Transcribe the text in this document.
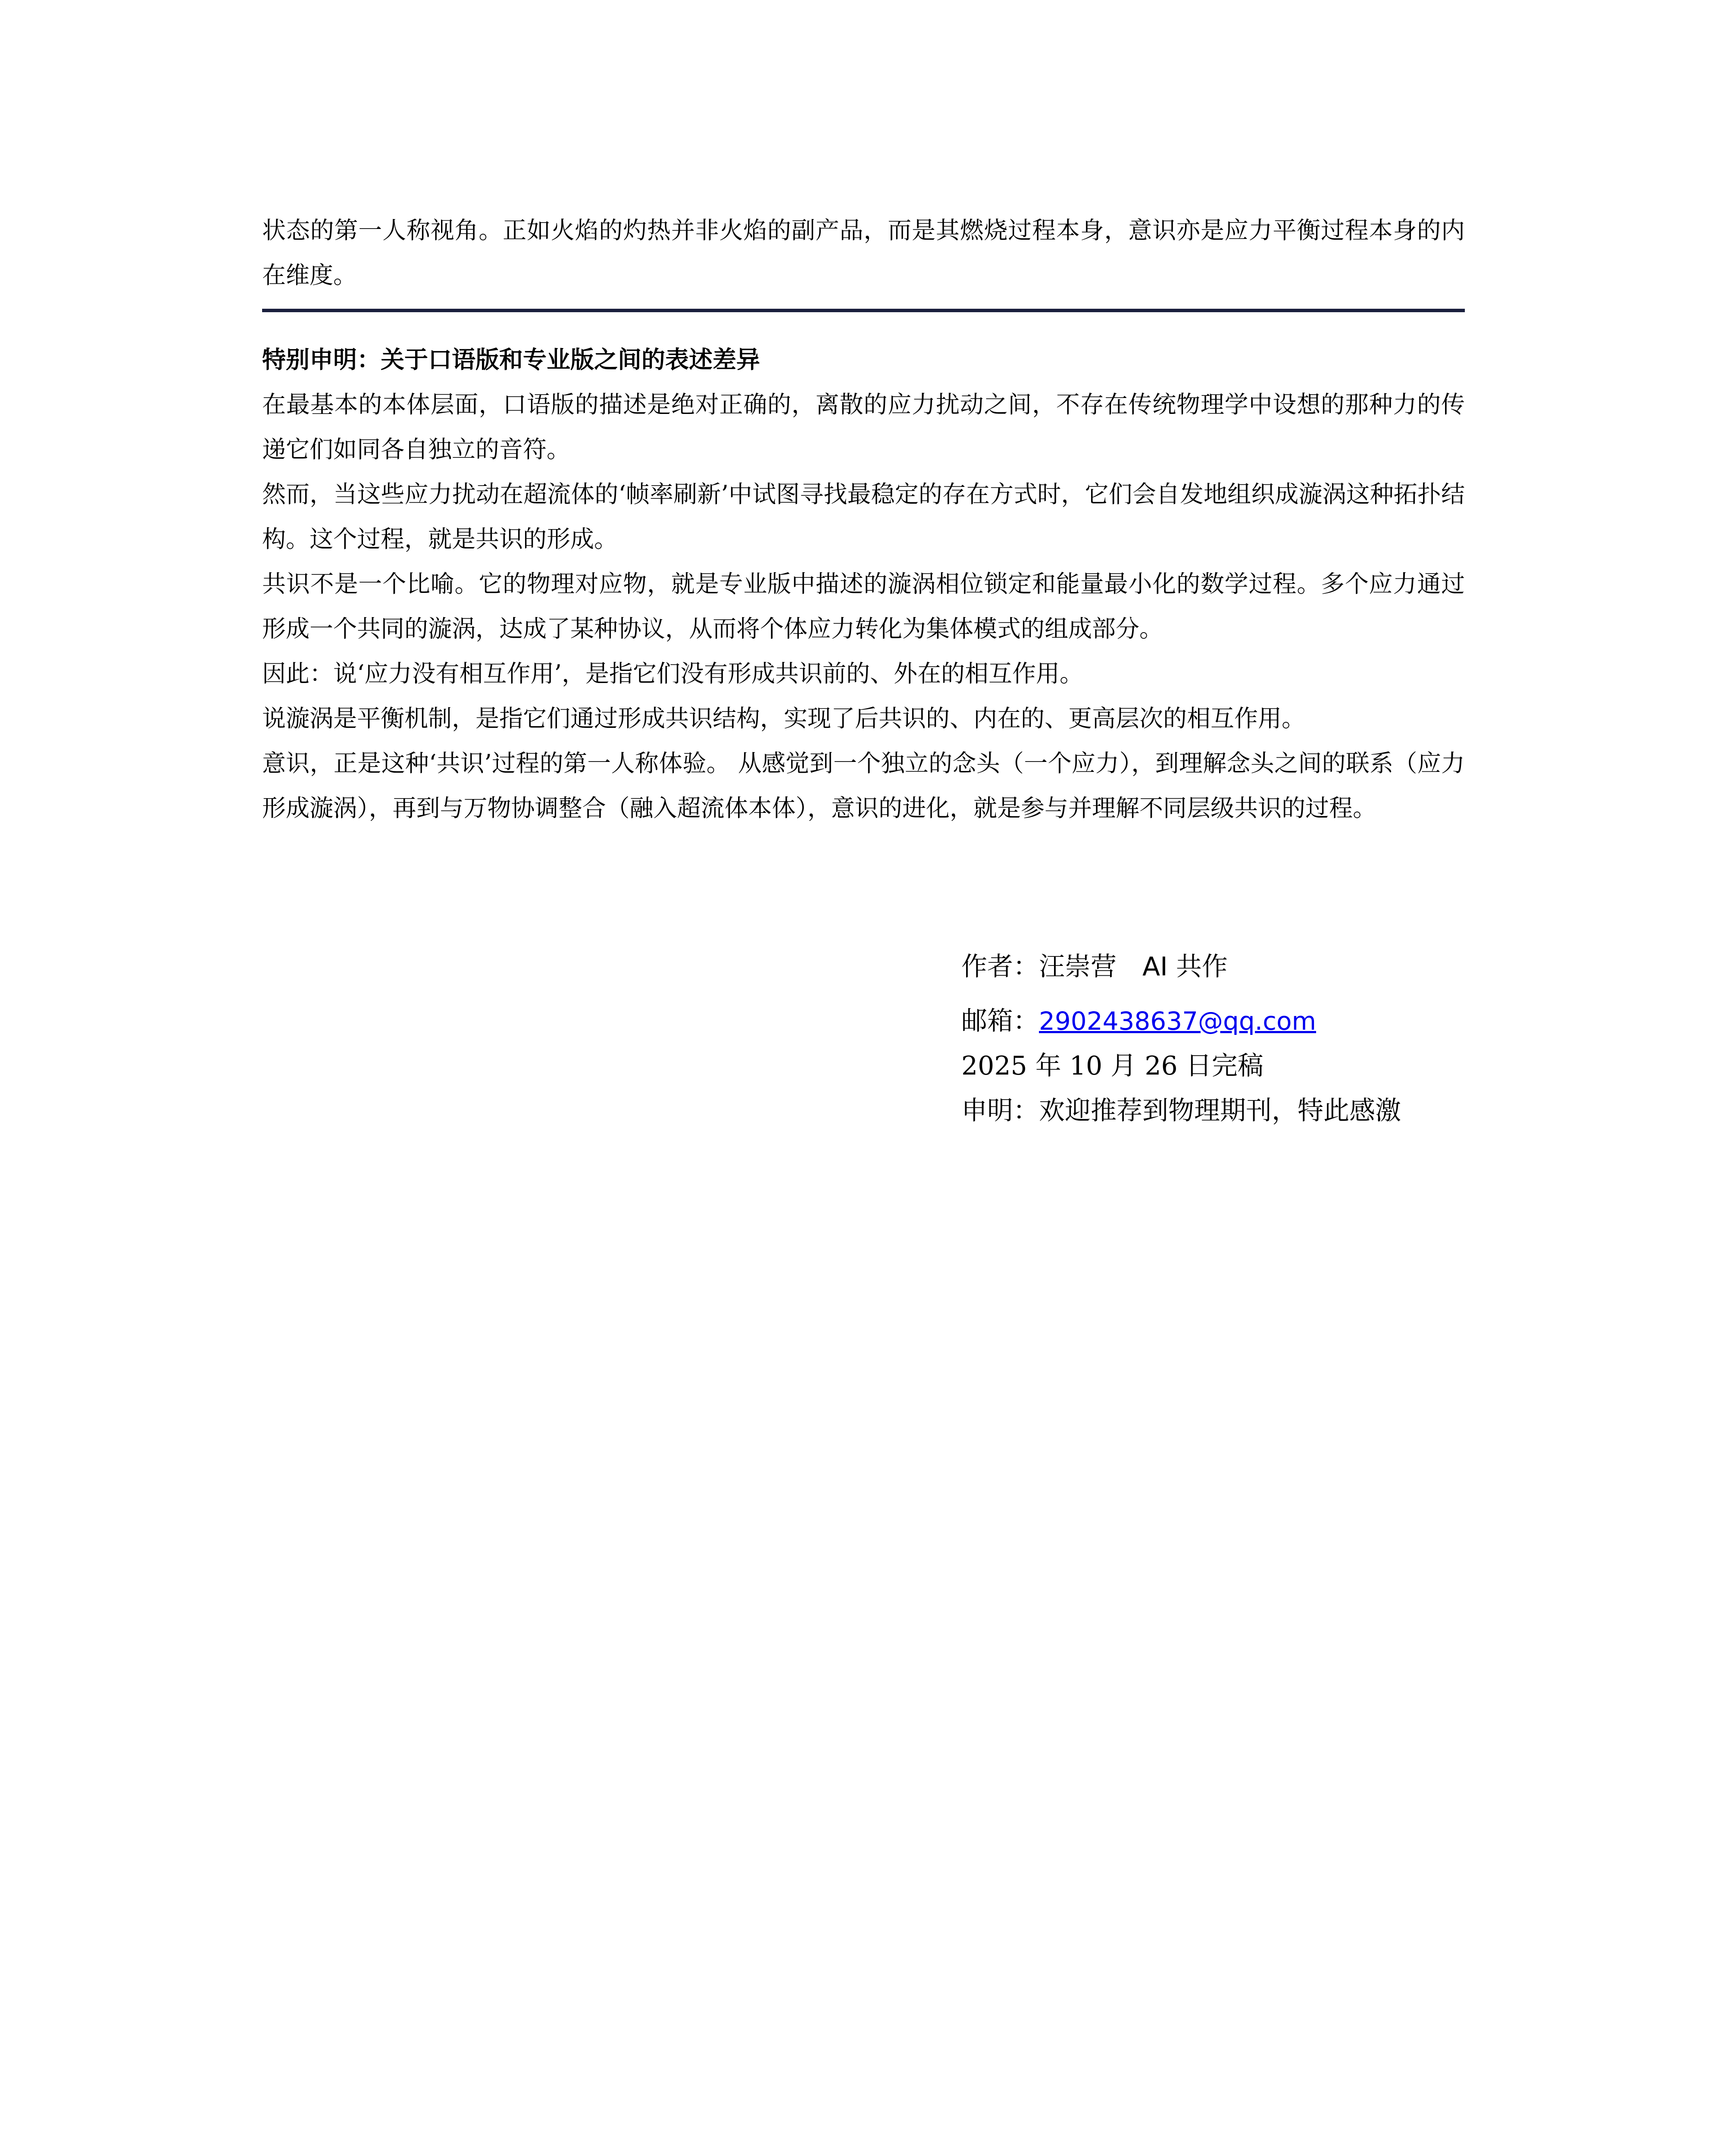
状态的第一人称视角。正如火焰的灼热并非火焰的副产品，而是其燃烧过程本身，意识亦是应力平衡过程本身的内在维度。

特别申明：关于口语版和专业版之间的表述差异

在最基本的本体层面，口语版的描述是绝对正确的，离散的应力扰动之间，不存在传统物理学中设想的那种力的传递它们如同各自独立的音符。

然而，当这些应力扰动在超流体的‘帧率刷新’中试图寻找最稳定的存在方式时，它们会自发地组织成漩涡这种拓扑结构。这个过程，就是共识的形成。

共识不是一个比喻。它的物理对应物，就是专业版中描述的漩涡相位锁定和能量最小化的数学过程。多个应力通过形成一个共同的漩涡，达成了某种协议，从而将个体应力转化为集体模式的组成部分。

因此：说‘应力没有相互作用’，是指它们没有形成共识前的、外在的相互作用。

说漩涡是平衡机制，是指它们通过形成共识结构，实现了后共识的、内在的、更高层次的相互作用。

意识，正是这种‘共识’过程的第一人称体验。 从感觉到一个独立的念头（一个应力），到理解念头之间的联系（应力形成漩涡），再到与万物协调整合（融入超流体本体），意识的进化，就是参与并理解不同层级共识的过程。

作者：汪崇营 AI 共作
邮箱：2902438637@qq.com
2025 年 10 月 26 日完稿
申明：欢迎推荐到物理期刊，特此感激
